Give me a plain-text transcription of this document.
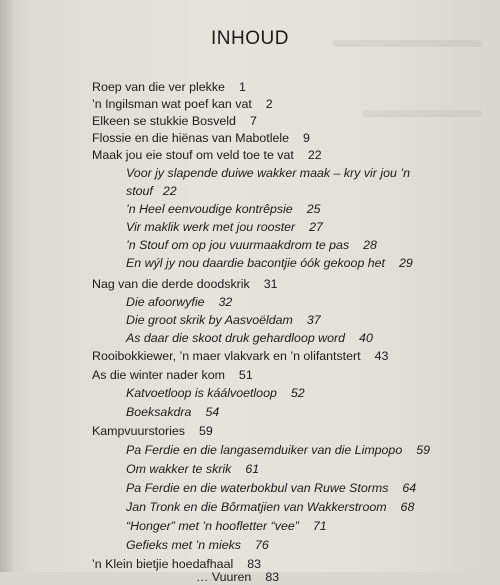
INHOUD
Roep van die ver plekke 1
’n Ingilsman wat poef kan vat 2
Elkeen se stukkie Bosveld 7
Flossie en die hiënas van Mabotlele 9
Maak jou eie stouf om veld toe te vat 22
Voor jy slapende duiwe wakker maak – kry vir jou ’n
stouf 22
’n Heel eenvoudige kontrêpsie 25
Vir maklik werk met jou rooster 27
’n Stouf om op jou vuurmaakdrom te pas 28
En wýl jy nou daardie bacontjie óók gekoop het 29
Nag van die derde doodskrik 31
Die afoorwyfie 32
Die groot skrik by Aasvoëldam 37
As daar die skoot druk gehardloop word 40
Rooibokkiewer, ’n maer vlakvark en ’n olifantstert 43
As die winter nader kom 51
Katvoetloop is káálvoetloop 52
Boeksakdra 54
Kampvuurstories 59
Pa Ferdie en die langasemduiker van die Limpopo 59
Om wakker te skrik 61
Pa Ferdie en die waterbokbul van Ruwe Storms 64
Jan Tronk en die Bôrmatjien van Wakkerstroom 68
“Honger” met ’n hoofletter “vee” 71
Gefieks met ’n mieks 76
’n Klein bietjie hoedafhaal 83
… Vuuren 83
